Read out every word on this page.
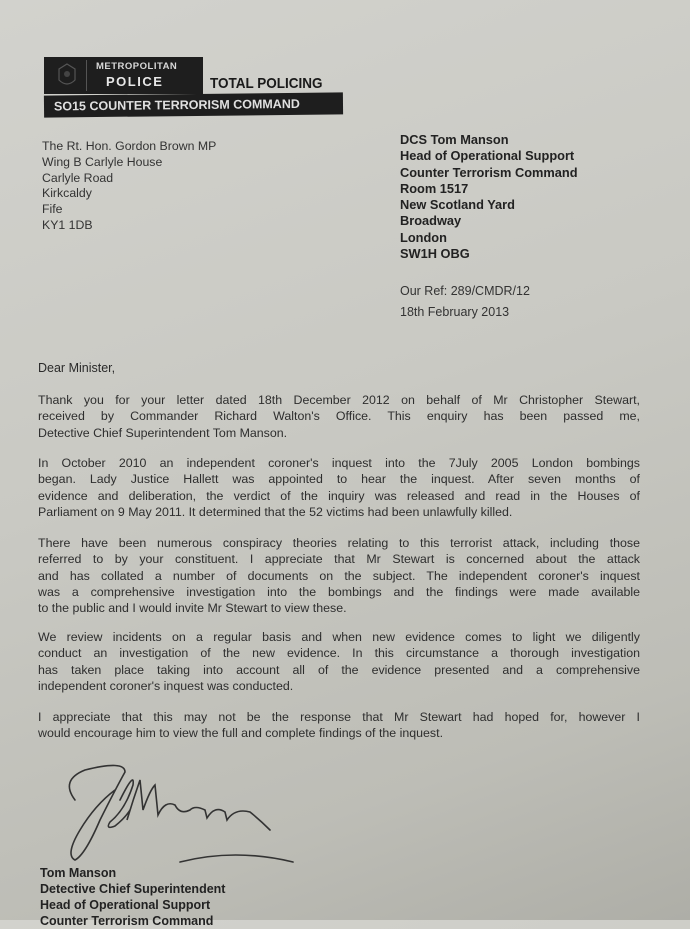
METROPOLITAN
POLICE	TOTAL POLICING
SO15 COUNTER TERRORISM COMMAND
The Rt. Hon. Gordon Brown MP
Wing B Carlyle House
Carlyle Road
Kirkcaldy
Fife
KY1 1DB
DCS Tom Manson
Head of Operational Support
Counter Terrorism Command
Room 1517
New Scotland Yard
Broadway
London
SW1H OBG
Our Ref: 289/CMDR/12
18th February 2013
Dear Minister,
Thank you for your letter dated 18th December 2012 on behalf of Mr Christopher Stewart,
received by Commander Richard Walton's Office. This enquiry has been passed me,
Detective Chief Superintendent Tom Manson.
In October 2010 an independent coroner's inquest into the 7July 2005 London bombings
began. Lady Justice Hallett was appointed to hear the inquest. After seven months of
evidence and deliberation, the verdict of the inquiry was released and read in the Houses of
Parliament on 9 May 2011. It determined that the 52 victims had been unlawfully killed.
There have been numerous conspiracy theories relating to this terrorist attack, including those
referred to by your constituent. I appreciate that Mr Stewart is concerned about the attack
and has collated a number of documents on the subject. The independent coroner's inquest
was a comprehensive investigation into the bombings and the findings were made available
to the public and I would invite Mr Stewart to view these.
We review incidents on a regular basis and when new evidence comes to light we diligently
conduct an investigation of the new evidence. In this circumstance a thorough investigation
has taken place taking into account all of the evidence presented and a comprehensive
independent coroner's inquest was conducted.
I appreciate that this may not be the response that Mr Stewart had hoped for, however I
would encourage him to view the full and complete findings of the inquest.
Tom Manson
Detective Chief Superintendent
Head of Operational Support
Counter Terrorism Command
